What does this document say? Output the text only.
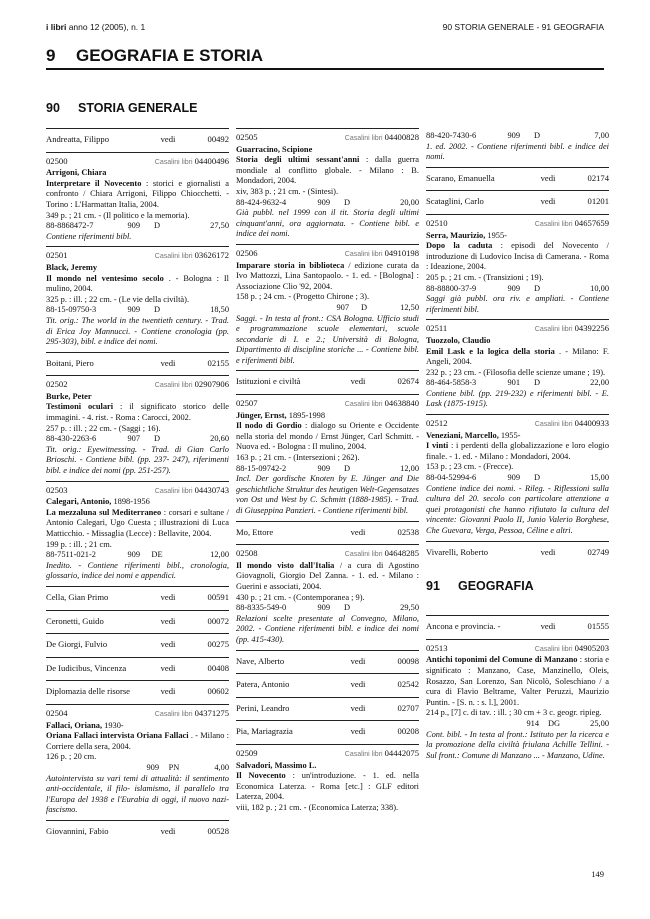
i libri anno 12 (2005), n. 1	90 STORIA GENERALE - 91 GEOGRAFIA
9 GEOGRAFIA E STORIA
90 STORIA GENERALE
Andreatta, Filippo	vedi	00492
02500	Casalini libri 04400496
Arrigoni, Chiara
Interpretare il Novecento : storici e giornalisti a confronto / Chiara Arrigoni, Filippo Chiocchetti. - Torino : L'Harmattan Italia, 2004.
349 p. ; 21 cm. - (Il politico e la memoria).
88-8868472-7	909	D	27,50
Contiene riferimenti bibl.
02501	Casalini libri 03626172
Black, Jeremy
Il mondo nel ventesimo secolo . - Bologna : Il mulino, 2004.
325 p. : ill. ; 22 cm. - (Le vie della civiltà).
88-15-09750-3	909	D	18,50
Tit. orig.: The world in the twentieth century. - Trad. di Erica Joy Mannucci. - Contiene cronologia (pp. 295-303), bibl. e indice dei nomi.
Boitani, Piero	vedi	02155
02502	Casalini libri 02907906
Burke, Peter
Testimoni oculari : il significato storico delle immagini. - 4. rist. - Roma : Carocci, 2002.
257 p. : ill. ; 22 cm. - (Saggi ; 16).
88-430-2263-6	907	D	20,60
Tit. orig.: Eyewitnessing. - Trad. di Gian Carlo Brioschi. - Contiene bibl. (pp. 237- 247), riferimenti bibl. e indice dei nomi (pp. 251-257).
02503	Casalini libri 04430743
Calegari, Antonio, 1898-1956
La mezzaluna sul Mediterraneo : corsari e sultane / Antonio Calegari, Ugo Cuesta ; illustrazioni di Luca Matticchio. - Missaglia (Lecce) : Bellavite, 2004.
199 p. : ill. ; 21 cm.
88-7511-021-2	909	DE	12,00
Inedito. - Contiene riferimenti bibl., cronologia, glossario, indice dei nomi e appendici.
Cella, Gian Primo	vedi	00591
Ceronetti, Guido	vedi	00072
De Giorgi, Fulvio	vedi	00275
De Iudicibus, Vincenza	vedi	00408
Diplomazia delle risorse	vedi	00602
02504	Casalini libri 04371275
Fallaci, Oriana, 1930-
Oriana Fallaci intervista Oriana Fallaci . - Milano : Corriere della sera, 2004.
126 p. ; 20 cm.
909	PN	4,00
Autointervista su vari temi di attualità: il sentimento anti-occidentale, il filo- islamismo, il parallelo tra l'Europa del 1938 e l'Eurabia di oggi, il nuovo nazi-fascismo.
Giovannini, Fabio	vedi	00528
02505	Casalini libri 04400828
Guarracino, Scipione
Storia degli ultimi sessant'anni : dalla guerra mondiale al conflitto globale. - Milano : B. Mondadori, 2004.
xiv, 383 p. ; 21 cm. - (Sintesi).
88-424-9632-4	909	D	20,00
Già pubbl. nel 1999 con il tit. Storia degli ultimi cinquant'anni, ora aggiornata. - Contiene bibl. e indice dei nomi.
02506	Casalini libri 04910198
Imparare storia in biblioteca / edizione curata da Ivo Mattozzi, Lina Santopaolo. - 1. ed. - [Bologna] : Associazione Clio '92, 2004.
158 p. ; 24 cm. - (Progetto Chirone ; 3).
907	D	12,50
Saggi. - In testa al front.: CSA Bologna. Ufficio studi e programmazione scuole elementari, scuole secondarie di I. e 2.; Università di Bologna, Dipartimento di discipline storiche ... - Contiene bibl. e riferimenti bibl.
Istituzioni e civiltà	vedi	02674
02507	Casalini libri 04638840
Jünger, Ernst, 1895-1998
Il nodo di Gordio : dialogo su Oriente e Occidente nella storia del mondo / Ernst Jünger, Carl Schmitt. - Nuova ed. - Bologna : Il mulino, 2004.
163 p. ; 21 cm. - (Intersezioni ; 262).
88-15-09742-2	909	D	12,00
Incl. Der gordische Knoten by E. Jünger and Die geschichtliche Struktur des heutigen Welt-Gegensatzes von Ost und West by C. Schmitt (1888-1985). - Trad. di Giuseppina Panzieri. - Contiene riferimenti bibl.
Mo, Ettore	vedi	02538
02508	Casalini libri 04648285
Il mondo visto dall'Italia / a cura di Agostino Giovagnoli, Giorgio Del Zanna. - 1. ed. - Milano : Guerini e associati, 2004.
430 p. ; 21 cm. - (Contemporanea ; 9).
88-8335-549-0	909	D	29,50
Relazioni scelte presentate al Convegno, Milano, 2002. - Contiene riferimenti bibl. e indice dei nomi (pp. 415-430).
Nave, Alberto	vedi	00098
Patera, Antonio	vedi	02542
Perini, Leandro	vedi	02707
Pia, Mariagrazia	vedi	00208
02509	Casalini libri 04442075
Salvadori, Massimo L.
Il Novecento : un'introduzione. - 1. ed. nella Economica Laterza. - Roma [etc.] : GLF editori Laterza, 2004.
viii, 182 p. ; 21 cm. - (Economica Laterza; 338).
88-420-7430-6	909	D	7,00
1. ed. 2002. - Contiene riferimenti bibl. e indice dei nomi.
Scarano, Emanuella	vedi	02174
Scataglini, Carlo	vedi	01201
02510	Casalini libri 04657659
Serra, Maurizio, 1955-
Dopo la caduta : episodi del Novecento / introduzione di Ludovico Incisa di Camerana. - Roma : Ideazione, 2004.
205 p. ; 21 cm. - (Transizioni ; 19).
88-88800-37-9	909	D	10,00
Saggi già pubbl. ora riv. e ampliati. - Contiene riferimenti bibl.
02511	Casalini libri 04392256
Tuozzolo, Claudio
Emil Lask e la logica della storia . - Milano: F. Angeli, 2004.
232 p. ; 23 cm. - (Filosofia delle scienze umane ; 19).
88-464-5858-3	901	D	22,00
Contiene bibl. (pp. 219-232) e riferimenti bibl. - E. Lask (1875-1915).
02512	Casalini libri 04400933
Veneziani, Marcello, 1955-
I vinti : i perdenti della globalizzazione e loro elogio finale. - 1. ed. - Milano : Mondadori, 2004.
153 p. ; 23 cm. - (Frecce).
88-04-52994-6	909	D	15,00
Contiene indice dei nomi. - Rileg. - Riflessioni sulla cultura del 20. secolo con particolare attenzione a quei protagonisti che hanno rifiutato la cultura del vincente: Giovanni Paolo II, Junio Valerio Borghese, Che Guevara, Verga, Pessoa, Céline e altri.
Vivarelli, Roberto	vedi	02749
91 GEOGRAFIA
Ancona e provincia. -	vedi	01555
02513	Casalini libri 04905203
Antichi toponimi del Comune di Manzano : storia e significato : Manzano, Case, Manzinello, Oleis, Rosazzo, San Lorenzo, San Nicolò, Soleschiano / a cura di Flavio Beltrame, Valter Peruzzi, Maurizio Puntin. - [S. n. : s. l.], 2001.
214 p., [7] c. di tav. : ill. ; 30 cm + 3 c. geogr. ripieg.
914	DG	25,00
Cont. bibl. - In testa al front.: Istituto per la ricerca e la promozione della civiltà friulana Achille Tellini. - Sul front.: Comune di Manzano ... - Manzano, Udine.
149
